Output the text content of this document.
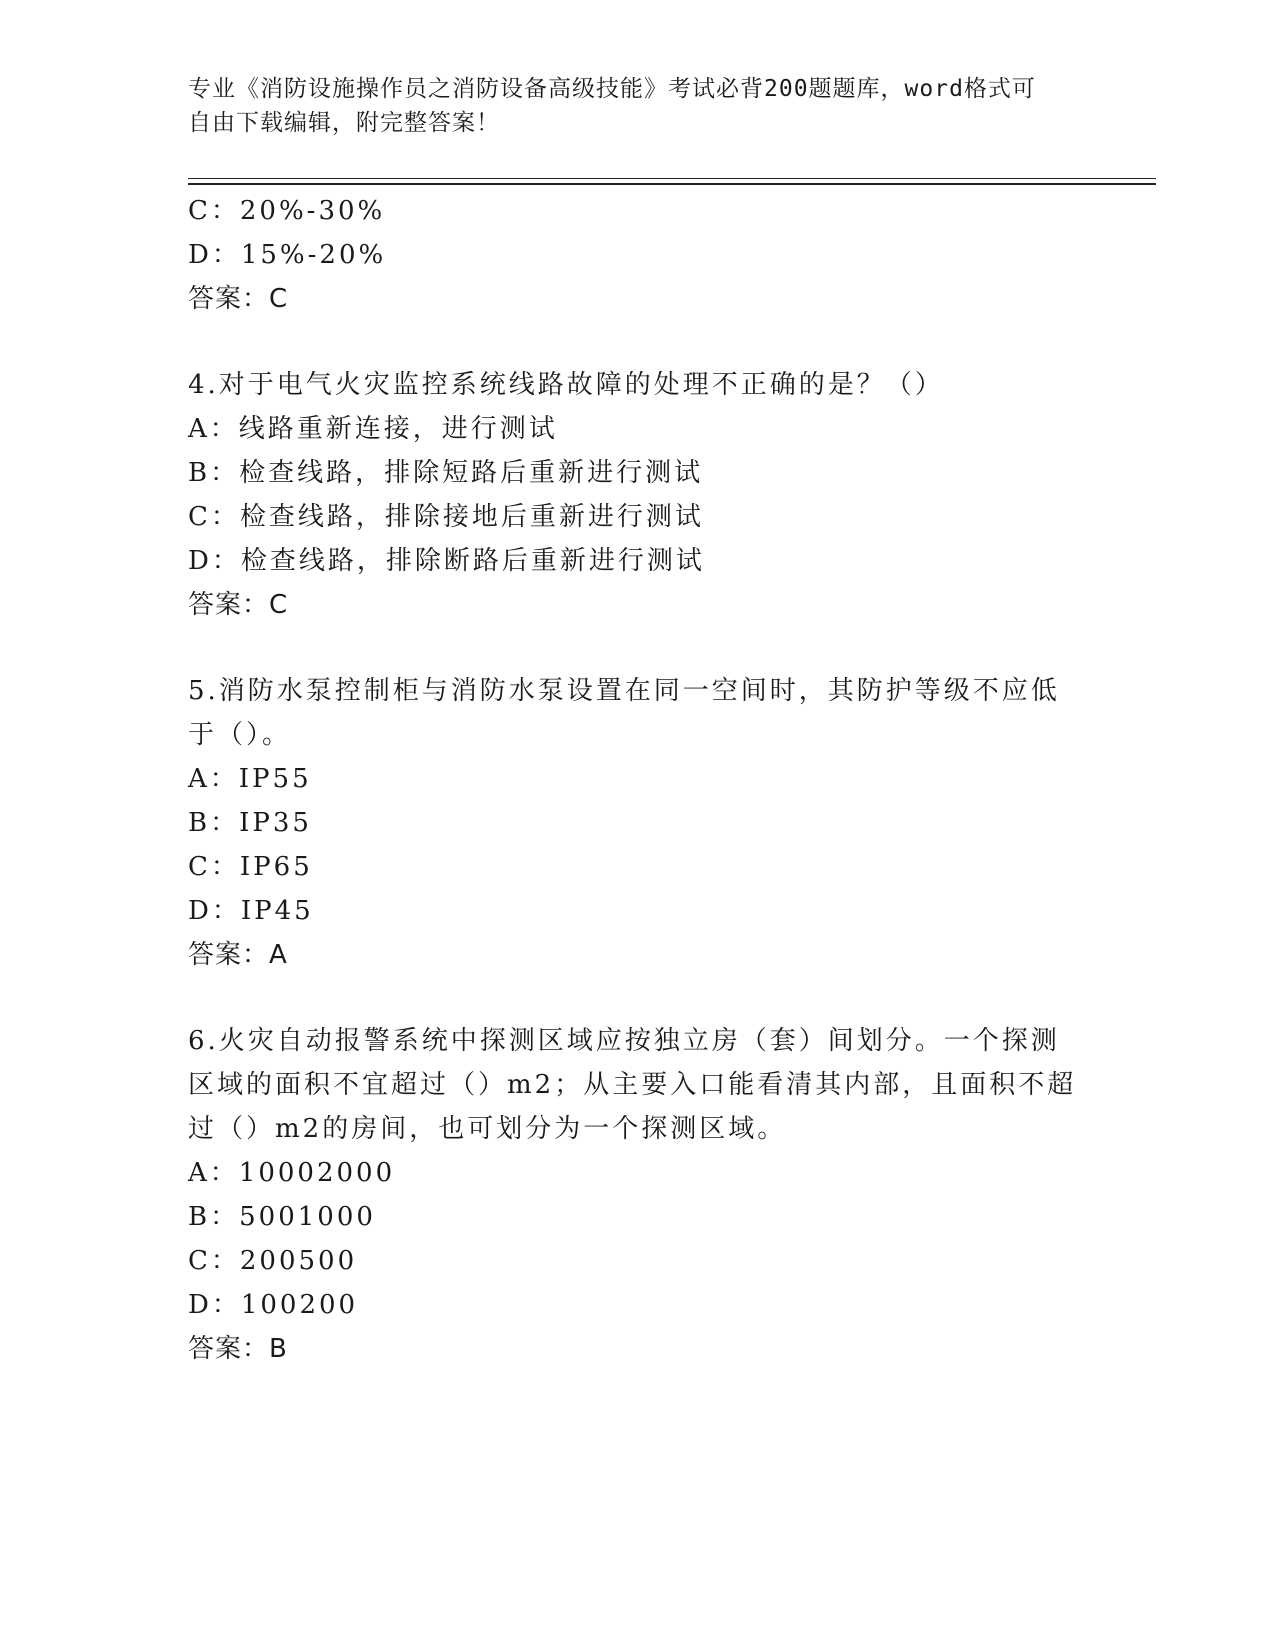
专业《消防设施操作员之消防设备高级技能》考试必背200题题库，word格式可
自由下载编辑，附完整答案！
C：20%-30%
D：15%-20%
答案：C
4.对于电气火灾监控系统线路故障的处理不正确的是？（）
A：线路重新连接，进行测试
B：检查线路，排除短路后重新进行测试
C：检查线路，排除接地后重新进行测试
D：检查线路，排除断路后重新进行测试
答案：C
5.消防水泵控制柜与消防水泵设置在同一空间时，其防护等级不应低
于（）。
A：IP55
B：IP35
C：IP65
D：IP45
答案：A
6.火灾自动报警系统中探测区域应按独立房（套）间划分。一个探测
区域的面积不宜超过（）m2；从主要入口能看清其内部，且面积不超
过（）m2的房间，也可划分为一个探测区域。
A：10002000
B：5001000
C：200500
D：100200
答案：B
